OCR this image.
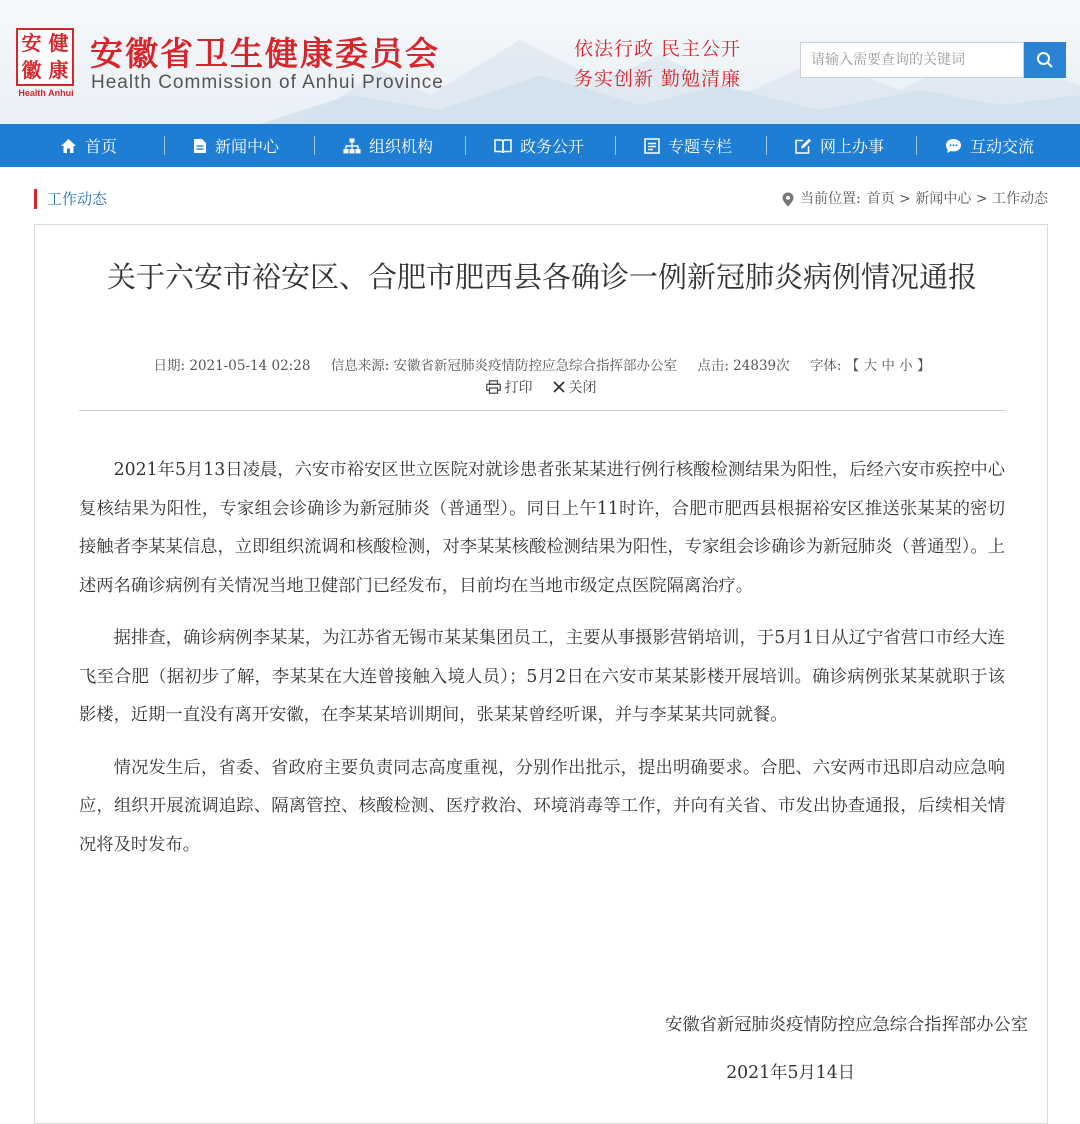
安 健
徽 康
Health Anhui
安徽省卫生健康委员会
Health Commission of Anhui Province
依法行政 民主公开
务实创新 勤勉清廉
请输入需要查询的关键词
首页	新闻中心	组织机构	政务公开	专题专栏	网上办事	互动交流
工作动态	当前位置: 首页 > 新闻中心 > 工作动态
关于六安市裕安区、合肥市肥西县各确诊一例新冠肺炎病例情况通报
日期: 2021-05-14 02:28 信息来源: 安徽省新冠肺炎疫情防控应急综合指挥部办公室 点击: 24839次 字体: 【 大 中 小 】
打印	关闭

2021年5月13日凌晨，六安市裕安区世立医院对就诊患者张某某进行例行核酸检测结果为阳性，后经六安市疾控中心复核结果为阳性，专家组会诊确诊为新冠肺炎（普通型）。同日上午11时许，合肥市肥西县根据裕安区推送张某某的密切接触者李某某信息，立即组织流调和核酸检测，对李某某核酸检测结果为阳性，专家组会诊确诊为新冠肺炎（普通型）。上述两名确诊病例有关情况当地卫健部门已经发布，目前均在当地市级定点医院隔离治疗。

据排查，确诊病例李某某，为江苏省无锡市某某集团员工，主要从事摄影营销培训，于5月1日从辽宁省营口市经大连飞至合肥（据初步了解，李某某在大连曾接触入境人员）；5月2日在六安市某某影楼开展培训。确诊病例张某某就职于该影楼，近期一直没有离开安徽，在李某某培训期间，张某某曾经听课，并与李某某共同就餐。

情况发生后，省委、省政府主要负责同志高度重视，分别作出批示，提出明确要求。合肥、六安两市迅即启动应急响应，组织开展流调追踪、隔离管控、核酸检测、医疗救治、环境消毒等工作，并向有关省、市发出协查通报，后续相关情况将及时发布。

安徽省新冠肺炎疫情防控应急综合指挥部办公室
2021年5月14日
